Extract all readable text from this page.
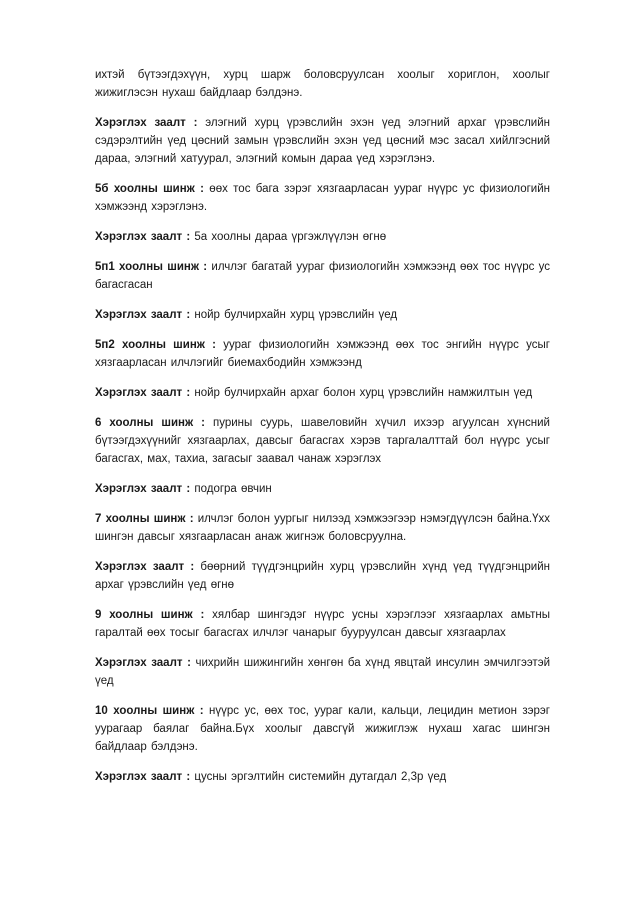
ихтэй бүтээгдэхүүн, хурц шарж боловсруулсан хоолыг хориглон, хоолыг жижиглэсэн нухаш байдлаар бэлдэнэ.

Хэрэглэх заалт : элэгний хурц үрэвслийн эхэн үед элэгний архаг үрэвслийн сэдэрэлтийн үед цөсний замын үрэвслийн эхэн үед цөсний мэс засал хийлгэсний дараа, элэгний хатуурал, элэгний комын дараа үед хэрэглэнэ.

5б хоолны шинж : өөх тос бага зэрэг хязгаарласан уураг нүүрс ус физиологийн хэмжээнд хэрэглэнэ.

Хэрэглэх заалт : 5а хоолны дараа үргэжлүүлэн өгнө

5п1 хоолны шинж : илчлэг багатай уураг физиологийн хэмжээнд өөх тос нүүрс ус багасгасан

Хэрэглэх заалт : нойр булчирхайн хурц үрэвслийн үед

5п2 хоолны шинж : уураг физиологийн хэмжээнд өөх тос энгийн нүүрс усыг хязгаарласан илчлэгийг биемахбодийн хэмжээнд

Хэрэглэх заалт : нойр булчирхайн архаг болон хурц үрэвслийн намжилтын үед

6 хоолны шинж : пурины суурь, шавеловийн хүчил ихээр агуулсан хүнсний бүтээгдэхүүнийг хязгаарлах, давсыг багасгах хэрэв таргалалттай бол нүүрс усыг багасгах, мах, тахиа, загасыг заавал чанаж хэрэглэх

Хэрэглэх заалт : подогра өвчин

7 хоолны шинж : илчлэг болон уургыг нилээд хэмжээгээр нэмэгдүүлсэн байна.Үхх шингэн давсыг хязгаарласан анаж жигнэж боловсруулна.

Хэрэглэх заалт : бөөрний түүдгэнцрийн хурц үрэвслийн хүнд үед түүдгэнцрийн архаг үрэвслийн үед өгнө

9 хоолны шинж : хялбар шингэдэг нүүрс усны хэрэглээг хязгаарлах амьтны гаралтай өөх тосыг багасгах илчлэг чанарыг бууруулсан давсыг хязгаарлах

Хэрэглэх заалт : чихрийн шижингийн хөнгөн ба хүнд явцтай инсулин эмчилгээтэй үед

10 хоолны шинж : нүүрс ус, өөх тос, уураг кали, кальци, лецидин метион зэрэг уурагаар баялаг байна.Бүх хоолыг давсгүй жижиглэж нухаш хагас шингэн байдлаар бэлдэнэ.

Хэрэглэх заалт : цусны эргэлтийн системийн дутагдал 2,3р үед
